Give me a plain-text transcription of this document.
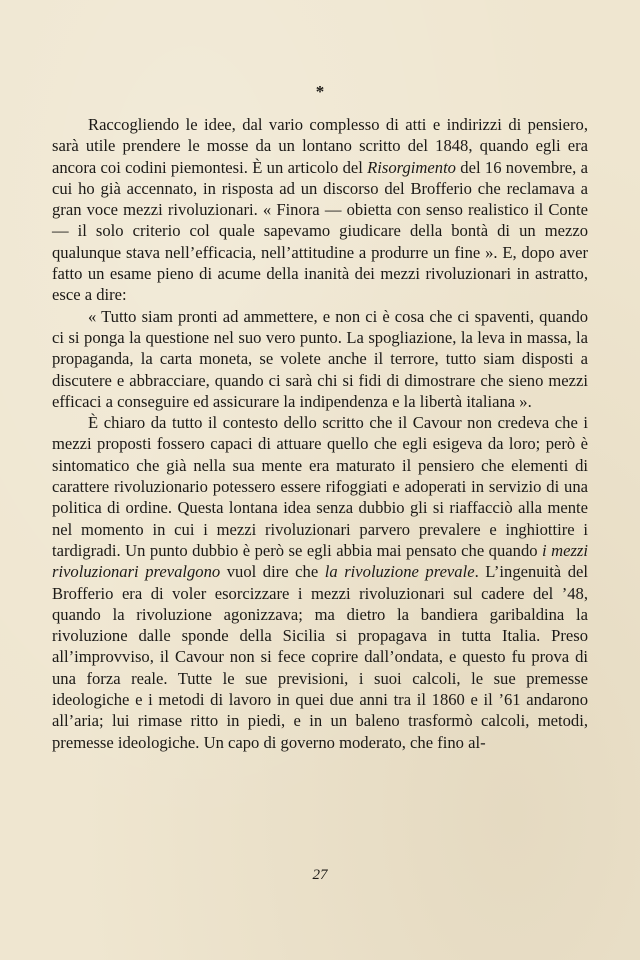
*

Raccogliendo le idee, dal vario complesso di atti e indirizzi di pensiero, sarà utile prendere le mosse da un lontano scritto del 1848, quando egli era ancora coi codini piemontesi. È un articolo del Risorgimento del 16 novembre, a cui ho già accennato, in risposta ad un discorso del Brofferio che reclamava a gran voce mezzi rivoluzionari. « Finora — obietta con senso realistico il Conte — il solo criterio col quale sapevamo giudicare della bontà di un mezzo qualunque stava nell’efficacia, nell’attitudine a produrre un fine ». E, dopo aver fatto un esame pieno di acume della inanità dei mezzi rivoluzionari in astratto, esce a dire:

« Tutto siam pronti ad ammettere, e non ci è cosa che ci spaventi, quando ci si ponga la questione nel suo vero punto. La spogliazione, la leva in massa, la propaganda, la carta moneta, se volete anche il terrore, tutto siam disposti a discutere e abbracciare, quando ci sarà chi si fidi di dimostrare che sieno mezzi efficaci a conseguire ed assicurare la indipendenza e la libertà italiana ».

È chiaro da tutto il contesto dello scritto che il Cavour non credeva che i mezzi proposti fossero capaci di attuare quello che egli esigeva da loro; però è sintomatico che già nella sua mente era maturato il pensiero che elementi di carattere rivoluzionario potessero essere rifoggiati e adoperati in servizio di una politica di ordine. Questa lontana idea senza dubbio gli si riaffacciò alla mente nel momento in cui i mezzi rivoluzionari parvero prevalere e inghiottire i tardigradi. Un punto dubbio è però se egli abbia mai pensato che quando i mezzi rivoluzionari prevalgono vuol dire che la rivoluzione prevale. L’ingenuità del Brofferio era di voler esorcizzare i mezzi rivoluzionari sul cadere del ’48, quando la rivoluzione agonizzava; ma dietro la bandiera garibaldina la rivoluzione dalle sponde della Sicilia si propagava in tutta Italia. Preso all’improvviso, il Cavour non si fece coprire dall’ondata, e questo fu prova di una forza reale. Tutte le sue previsioni, i suoi calcoli, le sue premesse ideologiche e i metodi di lavoro in quei due anni tra il 1860 e il ’61 andarono all’aria; lui rimase ritto in piedi, e in un baleno trasformò calcoli, metodi, premesse ideologiche. Un capo di governo moderato, che fino al-

27
